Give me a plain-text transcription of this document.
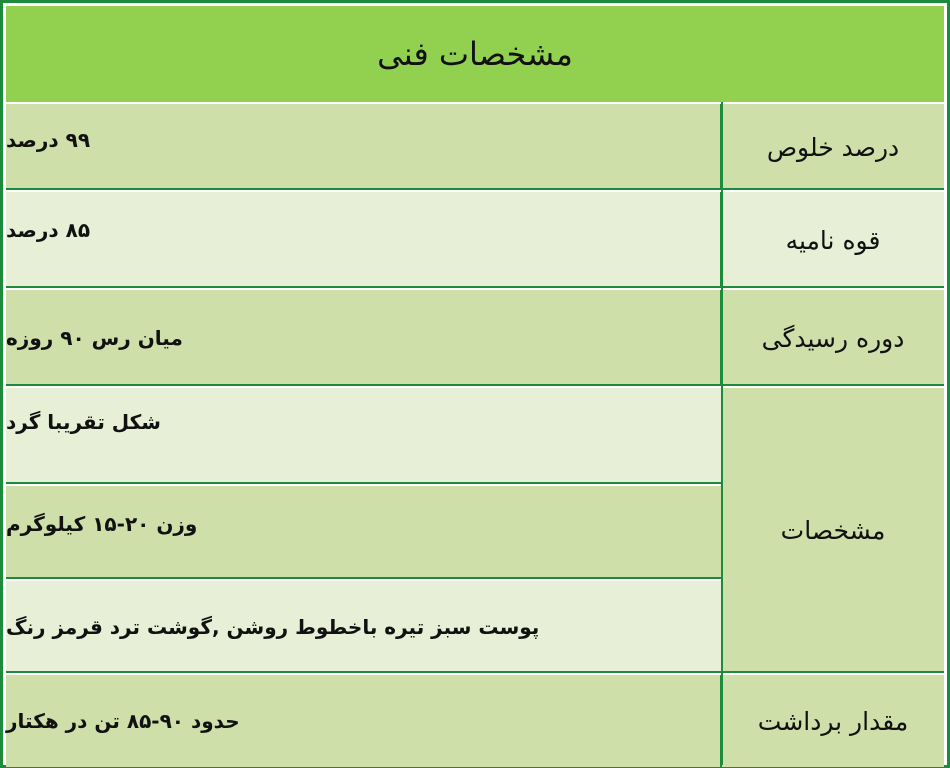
مشخصات فنی
درصد خلوص
۹۹ درصد
قوه نامیه
۸۵ درصد
دوره رسیدگی
میان رس ۹۰ روزه
مشخصات
شکل تقریبا گرد
وزن ۲۰-۱۵ کیلوگرم
پوست سبز تیره باخطوط روشن ,گوشت ترد قرمز رنگ
مقدار برداشت
حدود ۹۰-۸۵ تن در هکتار
